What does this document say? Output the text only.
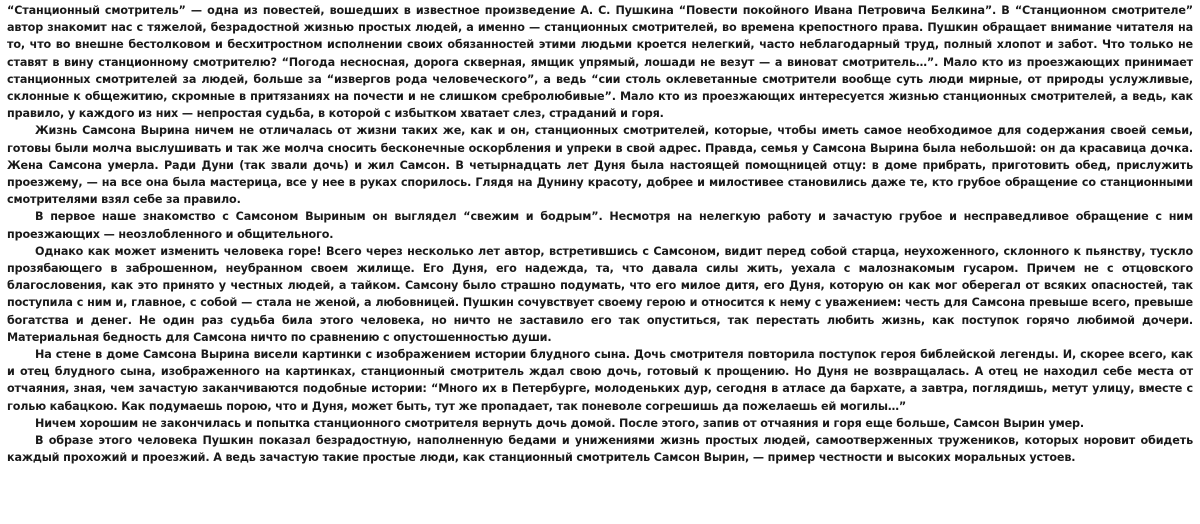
“Станционный смотритель” — одна из повестей, вошедших в известное произведение А. С. Пушкина “Повести покойного Ивана Петровича Белкина”. В “Станционном смотрителе” автор знакомит нас с тяжелой, безрадостной жизнью простых людей, а именно — станционных смотрителей, во времена крепостного права. Пушкин обращает внимание читателя на то, что во внешне бестолковом и бесхитростном исполнении своих обязанностей этими людьми кроется нелегкий, часто неблагодарный труд, полный хлопот и забот. Что только не ставят в вину станционному смотрителю? “Погода несносная, дорога скверная, ямщик упрямый, лошади не везут — а виноват смотритель…”. Мало кто из проезжающих принимает станционных смотрителей за людей, больше за “извергов рода человеческого”, а ведь “сии столь оклеветанные смотрители вообще суть люди мирные, от природы услужливые, склонные к общежитию, скромные в притязаниях на почести и не слишком сребролюбивые”. Мало кто из проезжающих интересуется жизнью станционных смотрителей, а ведь, как правило, у каждого из них — непростая судьба, в которой с избытком хватает слез, страданий и горя.

Жизнь Самсона Вырина ничем не отличалась от жизни таких же, как и он, станционных смотрителей, которые, чтобы иметь самое необходимое для содержания своей семьи, готовы были молча выслушивать и так же молча сносить бесконечные оскорбления и упреки в свой адрес. Правда, семья у Самсона Вырина была небольшой: он да красавица дочка. Жена Самсона умерла. Ради Дуни (так звали дочь) и жил Самсон. В четырнадцать лет Дуня была настоящей помощницей отцу: в доме прибрать, приготовить обед, прислужить проезжему, — на все она была мастерица, все у нее в руках спорилось. Глядя на Дунину красоту, добрее и милостивее становились даже те, кто грубое обращение со станционными смотрителями взял себе за правило.

В первое наше знакомство с Самсоном Выриным он выглядел “свежим и бодрым”. Несмотря на нелегкую работу и зачастую грубое и несправедливое обращение с ним проезжающих — неозлобленного и общительного.

Однако как может изменить человека горе! Всего через несколько лет автор, встретившись с Самсоном, видит перед собой старца, неухоженного, склонного к пьянству, тускло прозябающего в заброшенном, неубранном своем жилище. Его Дуня, его надежда, та, что давала силы жить, уехала с малознакомым гусаром. Причем не с отцовского благословения, как это принято у честных людей, а тайком. Самсону было страшно подумать, что его милое дитя, его Дуня, которую он как мог оберегал от всяких опасностей, так поступила с ним и, главное, с собой — стала не женой, а любовницей. Пушкин сочувствует своему герою и относится к нему с уважением: честь для Самсона превыше всего, превыше богатства и денег. Не один раз судьба била этого человека, но ничто не заставило его так опуститься, так перестать любить жизнь, как поступок горячо любимой дочери. Материальная бедность для Самсона ничто по сравнению с опустошенностью души.

На стене в доме Самсона Вырина висели картинки с изображением истории блудного сына. Дочь смотрителя повторила поступок героя библейской легенды. И, скорее всего, как и отец блудного сына, изображенного на картинках, станционный смотритель ждал свою дочь, готовый к прощению. Но Дуня не возвращалась. А отец не находил себе места от отчаяния, зная, чем зачастую заканчиваются подобные истории: “Много их в Петербурге, молоденьких дур, сегодня в атласе да бархате, а завтра, поглядишь, метут улицу, вместе с голью кабацкою. Как подумаешь порою, что и Дуня, может быть, тут же пропадает, так поневоле согрешишь да пожелаешь ей могилы…”

Ничем хорошим не закончилась и попытка станционного смотрителя вернуть дочь домой. После этого, запив от отчаяния и горя еще больше, Самсон Вырин умер.

В образе этого человека Пушкин показал безрадостную, наполненную бедами и унижениями жизнь простых людей, самоотверженных тружеников, которых норовит обидеть каждый прохожий и проезжий. А ведь зачастую такие простые люди, как станционный смотритель Самсон Вырин, — пример честности и высоких моральных устоев.
